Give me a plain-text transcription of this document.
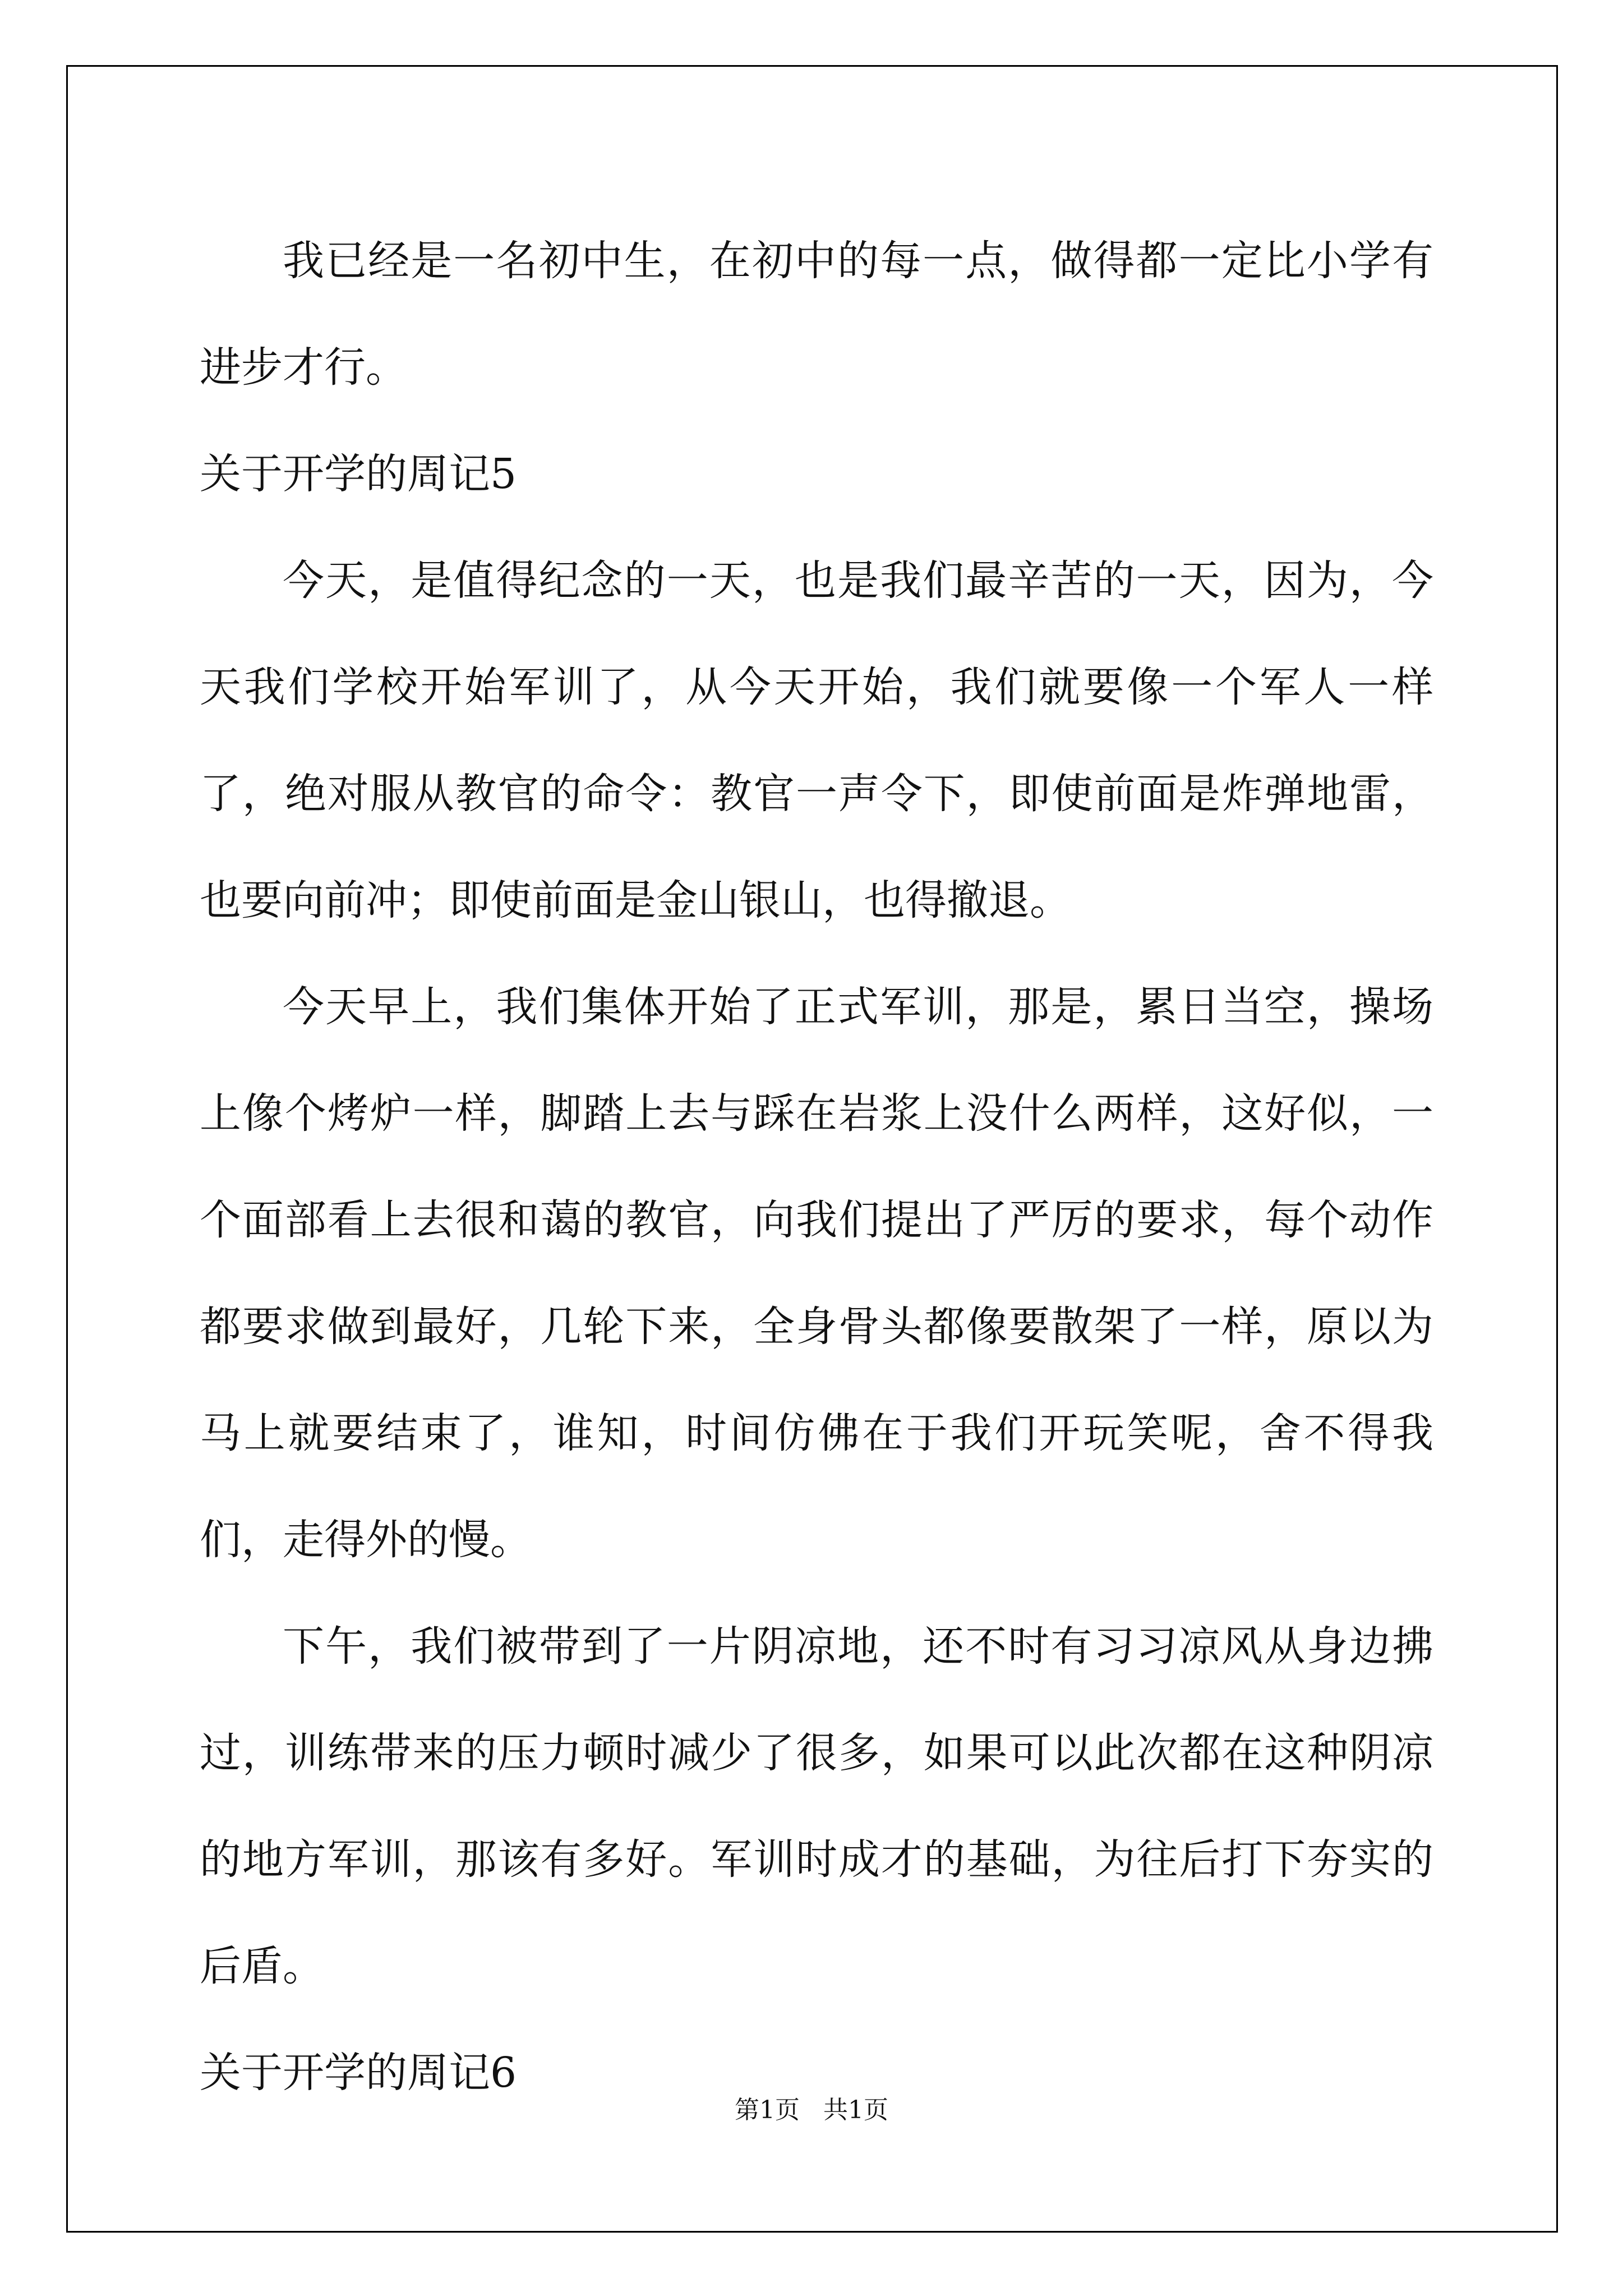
我已经是一名初中生，在初中的每一点，做得都一定比小学有进步才行。

关于开学的周记5

今天，是值得纪念的一天，也是我们最辛苦的一天，因为，今天我们学校开始军训了，从今天开始，我们就要像一个军人一样了，绝对服从教官的命令：教官一声令下，即使前面是炸弹地雷，也要向前冲；即使前面是金山银山，也得撤退。

今天早上，我们集体开始了正式军训，那是，累日当空，操场上像个烤炉一样，脚踏上去与踩在岩浆上没什么两样，这好似，一个面部看上去很和蔼的教官，向我们提出了严厉的要求，每个动作都要求做到最好，几轮下来，全身骨头都像要散架了一样，原以为马上就要结束了，谁知，时间仿佛在于我们开玩笑呢，舍不得我们，走得外的慢。

下午，我们被带到了一片阴凉地，还不时有习习凉风从身边拂过，训练带来的压力顿时减少了很多，如果可以此次都在这种阴凉的地方军训，那该有多好。军训时成才的基础，为往后打下夯实的后盾。

关于开学的周记6
第1页 共1页
